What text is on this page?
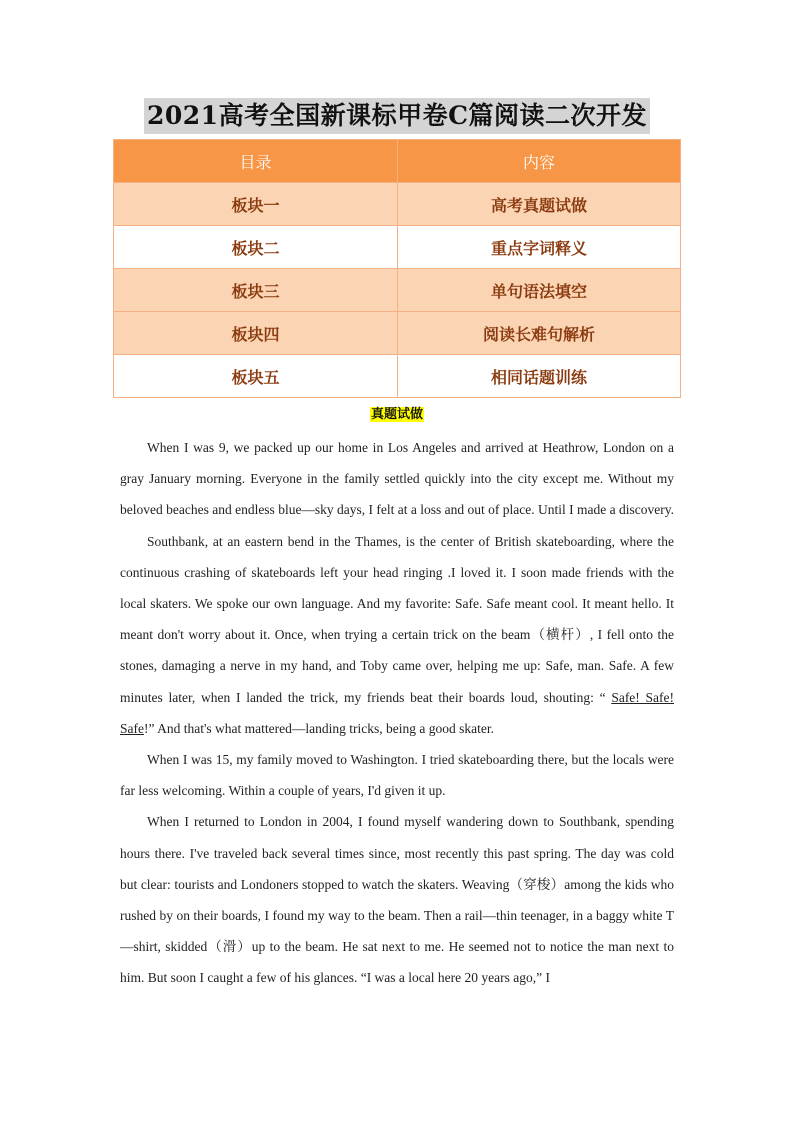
2021高考全国新课标甲卷C篇阅读二次开发
目录	内容
板块一	高考真题试做
板块二	重点字词释义
板块三	单句语法填空
板块四	阅读长难句解析
板块五	相同话题训练
真题试做

When I was 9, we packed up our home in Los Angeles and arrived at Heathrow, London on a gray January morning. Everyone in the family settled quickly into the city except me. Without my beloved beaches and endless blue—sky days, I felt at a loss and out of place. Until I made a discovery.

Southbank, at an eastern bend in the Thames, is the center of British skateboarding, where the continuous crashing of skateboards left your head ringing .I loved it. I soon made friends with the local skaters. We spoke our own language. And my favorite: Safe. Safe meant cool. It meant hello. It meant don't worry about it. Once, when trying a certain trick on the beam（横杆）, I fell onto the stones, damaging a nerve in my hand, and Toby came over, helping me up: Safe, man. Safe. A few minutes later, when I landed the trick, my friends beat their boards loud, shouting: “ Safe! Safe! Safe!” And that's what mattered—landing tricks, being a good skater.

When I was 15, my family moved to Washington. I tried skateboarding there, but the locals were far less welcoming. Within a couple of years, I'd given it up.

When I returned to London in 2004, I found myself wandering down to Southbank, spending hours there. I've traveled back several times since, most recently this past spring. The day was cold but clear: tourists and Londoners stopped to watch the skaters. Weaving（穿梭）among the kids who rushed by on their boards, I found my way to the beam. Then a rail—thin teenager, in a baggy white T—shirt, skidded（滑）up to the beam. He sat next to me. He seemed not to notice the man next to him. But soon I caught a few of his glances. “I was a local here 20 years ago,” I
